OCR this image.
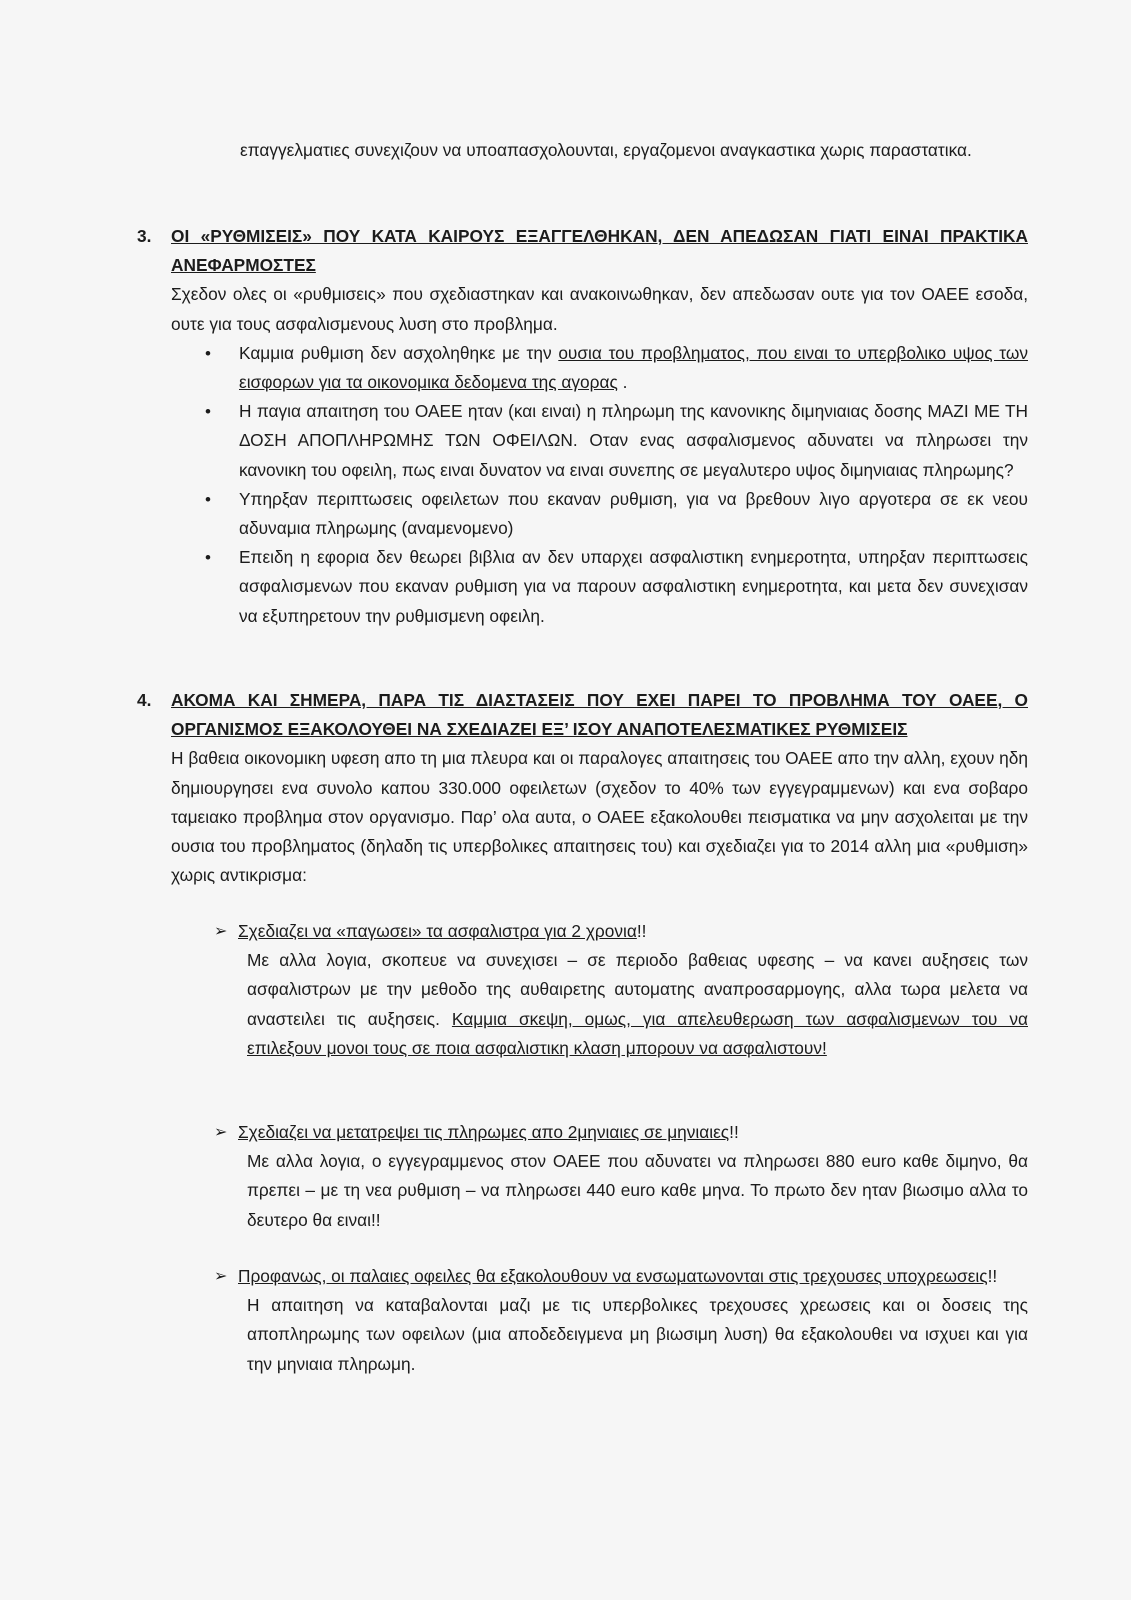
επαγγελματιες συνεχιζουν να υποαπασχολουνται, εργαζομενοι αναγκαστικα χωρις παραστατικα.
3.	ΟΙ «ΡΥΘΜΙΣΕΙΣ» ΠΟΥ ΚΑΤΑ ΚΑΙΡΟΥΣ ΕΞΑΓΓΕΛΘΗΚΑΝ, ΔΕΝ ΑΠΕΔΩΣΑΝ ΓΙΑΤΙ ΕΙΝΑΙ ΠΡΑΚΤΙΚΑ ΑΝΕΦΑΡΜΟΣΤΕΣ
Σχεδον ολες οι «ρυθμισεις» που σχεδιαστηκαν και ανακοινωθηκαν, δεν απεδωσαν ουτε για τον ΟΑΕΕ εσοδα, ουτε για τους ασφαλισμενους λυση στο προβλημα.
• Καμμια ρυθμιση δεν ασχοληθηκε με την ουσια του προβληματος, που ειναι το υπερβολικο υψος των εισφορων για τα οικονομικα δεδομενα της αγορας .
• Η παγια απαιτηση του ΟΑΕΕ ηταν (και ειναι) η πληρωμη της κανονικης διμηνιαιας δοσης ΜΑΖΙ ΜΕ ΤΗ ΔΟΣΗ ΑΠΟΠΛΗΡΩΜΗΣ ΤΩΝ ΟΦΕΙΛΩΝ. Οταν ενας ασφαλισμενος αδυνατει να πληρωσει την κανονικη του οφειλη, πως ειναι δυνατον να ειναι συνεπης σε μεγαλυτερο υψος διμηνιαιας πληρωμης?
• Υπηρξαν περιπτωσεις οφειλετων που εκαναν ρυθμιση, για να βρεθουν λιγο αργοτερα σε εκ νεου αδυναμια πληρωμης (αναμενομενο)
• Επειδη η εφορια δεν θεωρει βιβλια αν δεν υπαρχει ασφαλιστικη ενημεροτητα, υπηρξαν περιπτωσεις ασφαλισμενων που εκαναν ρυθμιση για να παρουν ασφαλιστικη ενημεροτητα, και μετα δεν συνεχισαν να εξυπηρετουν την ρυθμισμενη οφειλη.
4.	ΑΚΟΜΑ ΚΑΙ ΣΗΜΕΡΑ, ΠΑΡΑ ΤΙΣ ΔΙΑΣΤΑΣΕΙΣ ΠΟΥ ΕΧΕΙ ΠΑΡΕΙ ΤΟ ΠΡΟΒΛΗΜΑ ΤΟΥ ΟΑΕΕ, Ο ΟΡΓΑΝΙΣΜΟΣ ΕΞΑΚΟΛΟΥΘΕΙ ΝΑ ΣΧΕΔΙΑΖΕΙ ΕΞ’ ΙΣΟΥ ΑΝΑΠΟΤΕΛΕΣΜΑΤΙΚΕΣ ΡΥΘΜΙΣΕΙΣ
Η βαθεια οικονομικη υφεση απο τη μια πλευρα και οι παραλογες απαιτησεις του ΟΑΕΕ απο την αλλη, εχουν ηδη δημιουργησει ενα συνολο καπου 330.000 οφειλετων (σχεδον το 40% των εγγεγραμμενων) και ενα σοβαρο ταμειακο προβλημα στον οργανισμο. Παρ’ ολα αυτα, ο ΟΑΕΕ εξακολουθει πεισματικα να μην ασχολειται με την ουσια του προβληματος (δηλαδη τις υπερβολικες απαιτησεις του) και σχεδιαζει για το 2014 αλλη μια «ρυθμιση» χωρις αντικρισμα:
➢ Σχεδιαζει να «παγωσει» τα ασφαλιστρα για 2 χρονια!!
Με αλλα λογια, σκοπευε να συνεχισει – σε περιοδο βαθειας υφεσης – να κανει αυξησεις των ασφαλιστρων με την μεθοδο της αυθαιρετης αυτοματης αναπροσαρμογης, αλλα τωρα μελετα να αναστειλει τις αυξησεις. Καμμια σκεψη, ομως, για απελευθερωση των ασφαλισμενων του να επιλεξουν μονοι τους σε ποια ασφαλιστικη κλαση μπορουν να ασφαλιστουν!
➢ Σχεδιαζει να μετατρεψει τις πληρωμες απο 2μηνιαιες σε μηνιαιες!!
Με αλλα λογια, ο εγγεγραμμενος στον ΟΑΕΕ που αδυνατει να πληρωσει 880 euro καθε διμηνο, θα πρεπει – με τη νεα ρυθμιση – να πληρωσει 440 euro καθε μηνα. Το πρωτο δεν ηταν βιωσιμο αλλα το δευτερο θα ειναι!!
➢ Προφανως, οι παλαιες οφειλες θα εξακολουθουν να ενσωματωνονται στις τρεχουσες υποχρεωσεις!!
Η απαιτηση να καταβαλονται μαζι με τις υπερβολικες τρεχουσες χρεωσεις και οι δοσεις της αποπληρωμης των οφειλων (μια αποδεδειγμενα μη βιωσιμη λυση) θα εξακολουθει να ισχυει και για την μηνιαια πληρωμη.
